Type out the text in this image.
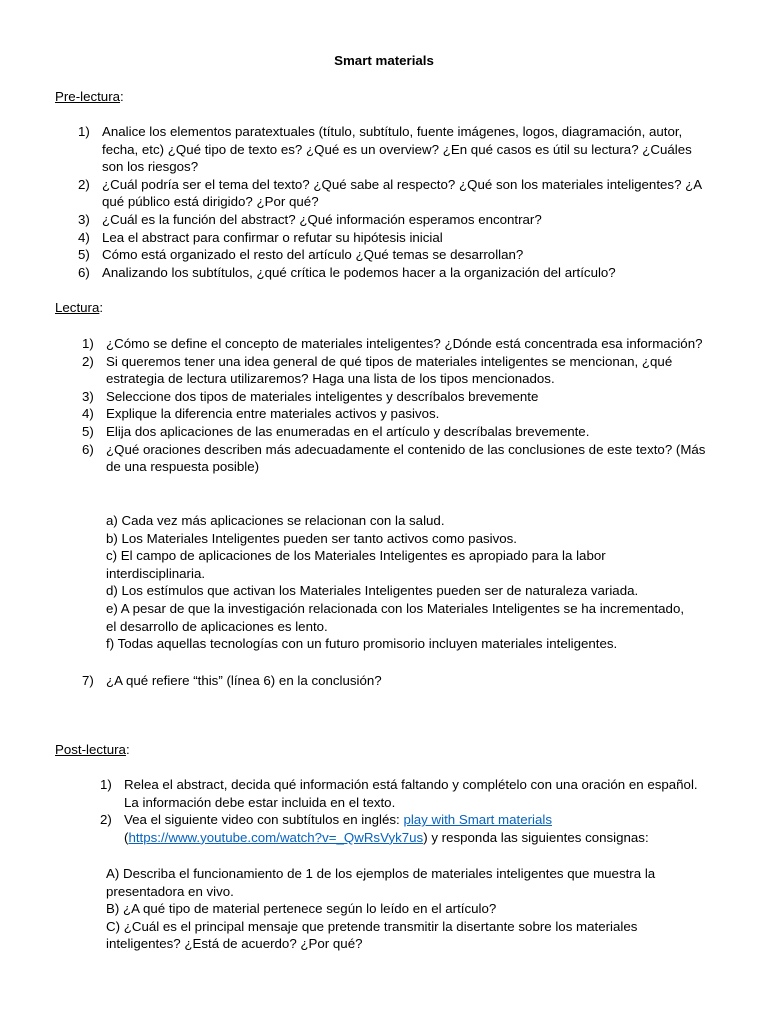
Smart materials
Pre-lectura:
1) Analice los elementos paratextuales (título, subtítulo, fuente imágenes, logos, diagramación, autor, fecha, etc) ¿Qué tipo de texto es? ¿Qué es un overview? ¿En qué casos es útil su lectura? ¿Cuáles son los riesgos?
2) ¿Cuál podría ser el tema del texto? ¿Qué sabe al respecto? ¿Qué son los materiales inteligentes? ¿A qué público está dirigido? ¿Por qué?
3) ¿Cuál es la función del abstract? ¿Qué información esperamos encontrar?
4) Lea el abstract para confirmar o refutar su hipótesis inicial
5) Cómo está organizado el resto del artículo ¿Qué temas se desarrollan?
6) Analizando los subtítulos, ¿qué crítica le podemos hacer a la organización del artículo?
Lectura:
1) ¿Cómo se define el concepto de materiales inteligentes? ¿Dónde está concentrada esa información?
2) Si queremos tener una idea general de qué tipos de materiales inteligentes se mencionan, ¿qué estrategia de lectura utilizaremos? Haga una lista de los tipos mencionados.
3) Seleccione dos tipos de materiales inteligentes y descríbalos brevemente
4) Explique la diferencia entre materiales activos y pasivos.
5) Elija dos aplicaciones de las enumeradas en el artículo y descríbalas brevemente.
6) ¿Qué oraciones describen más adecuadamente el contenido de las conclusiones de este texto? (Más de una respuesta posible)

a) Cada vez más aplicaciones se relacionan con la salud.

b) Los Materiales Inteligentes pueden ser tanto activos como pasivos.

c) El campo de aplicaciones de los Materiales Inteligentes es apropiado para la labor interdisciplinaria.

d) Los estímulos que activan los Materiales Inteligentes pueden ser de naturaleza variada.

e) A pesar de que la investigación relacionada con los Materiales Inteligentes se ha incrementado, el desarrollo de aplicaciones es lento.

f) Todas aquellas tecnologías con un futuro promisorio incluyen materiales inteligentes.

7) ¿A qué refiere “this” (línea 6) en la conclusión?
Post-lectura:
1) Relea el abstract, decida qué información está faltando y complételo con una oración en español. La información debe estar incluida en el texto.
2) Vea el siguiente video con subtítulos en inglés: play with Smart materials
(https://www.youtube.com/watch?v=_QwRsVyk7us) y responda las siguientes consignas:

A) Describa el funcionamiento de 1 de los ejemplos de materiales inteligentes que muestra la presentadora en vivo.

B) ¿A qué tipo de material pertenece según lo leído en el artículo?

C) ¿Cuál es el principal mensaje que pretende transmitir la disertante sobre los materiales inteligentes? ¿Está de acuerdo? ¿Por qué?
